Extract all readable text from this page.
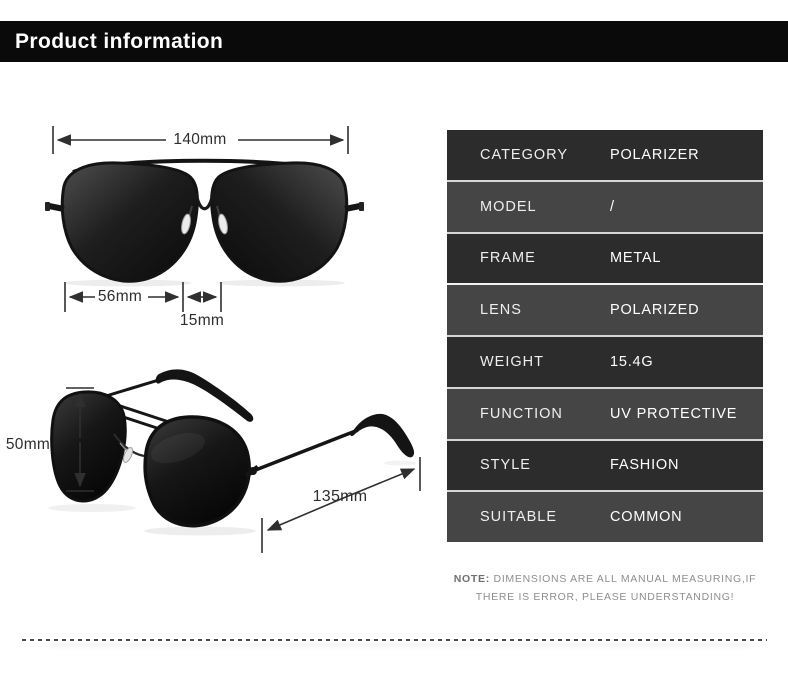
Product information
140mm
56mm
15mm
50mm
135mm
CATEGORY	POLARIZER
MODEL	/
FRAME	METAL
LENS	POLARIZED
WEIGHT	15.4G
FUNCTION	UV PROTECTIVE
STYLE	FASHION
SUITABLE	COMMON
NOTE: DIMENSIONS ARE ALL MANUAL MEASURING,IF
THERE IS ERROR, PLEASE UNDERSTANDING!
